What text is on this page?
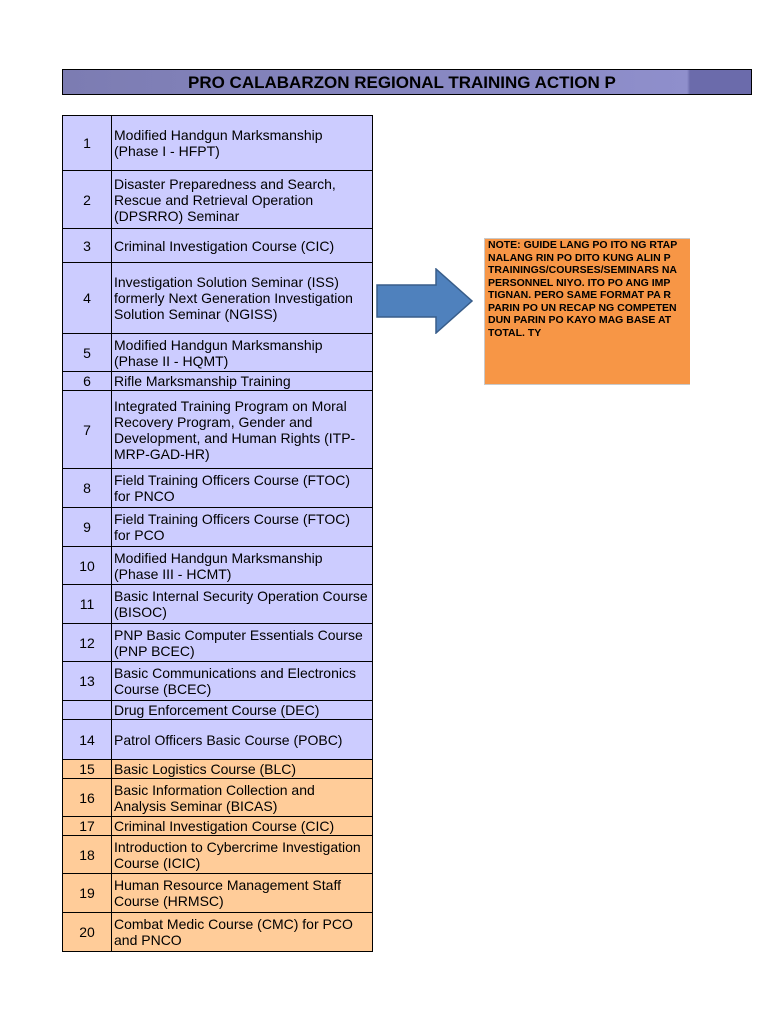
PRO CALABARZON REGIONAL TRAINING ACTION P
1	Modified Handgun Marksmanship (Phase I - HFPT)
2	Disaster Preparedness and Search, Rescue and Retrieval Operation (DPSRRO) Seminar
3	Criminal Investigation Course (CIC)
4	Investigation Solution Seminar (ISS) formerly Next Generation Investigation Solution Seminar (NGISS)
5	Modified Handgun Marksmanship (Phase II - HQMT)
6	Rifle Marksmanship Training
7	Integrated Training Program on Moral Recovery Program, Gender and Development, and Human Rights (ITP-MRP-GAD-HR)
8	Field Training Officers Course (FTOC) for PNCO
9	Field Training Officers Course (FTOC) for PCO
10	Modified Handgun Marksmanship (Phase III - HCMT)
11	Basic Internal Security Operation Course (BISOC)
12	PNP Basic Computer Essentials Course (PNP BCEC)
13	Basic Communications and Electronics Course (BCEC)
	Drug Enforcement Course (DEC)
14	Patrol Officers Basic Course (POBC)
15	Basic Logistics Course (BLC)
16	Basic Information Collection and Analysis Seminar (BICAS)
17	Criminal Investigation Course (CIC)
18	Introduction to Cybercrime Investigation Course (ICIC)
19	Human Resource Management Staff Course (HRMSC)
20	Combat Medic Course (CMC) for PCO and PNCO
NOTE: GUIDE LANG PO ITO NG RTAP
NALANG RIN PO DITO KUNG ALIN P
TRAININGS/COURSES/SEMINARS NA
PERSONNEL NIYO. ITO PO ANG IMP
TIGNAN. PERO SAME FORMAT PA R
PARIN PO UN RECAP NG COMPETEN
DUN PARIN PO KAYO MAG BASE AT
TOTAL. TY
